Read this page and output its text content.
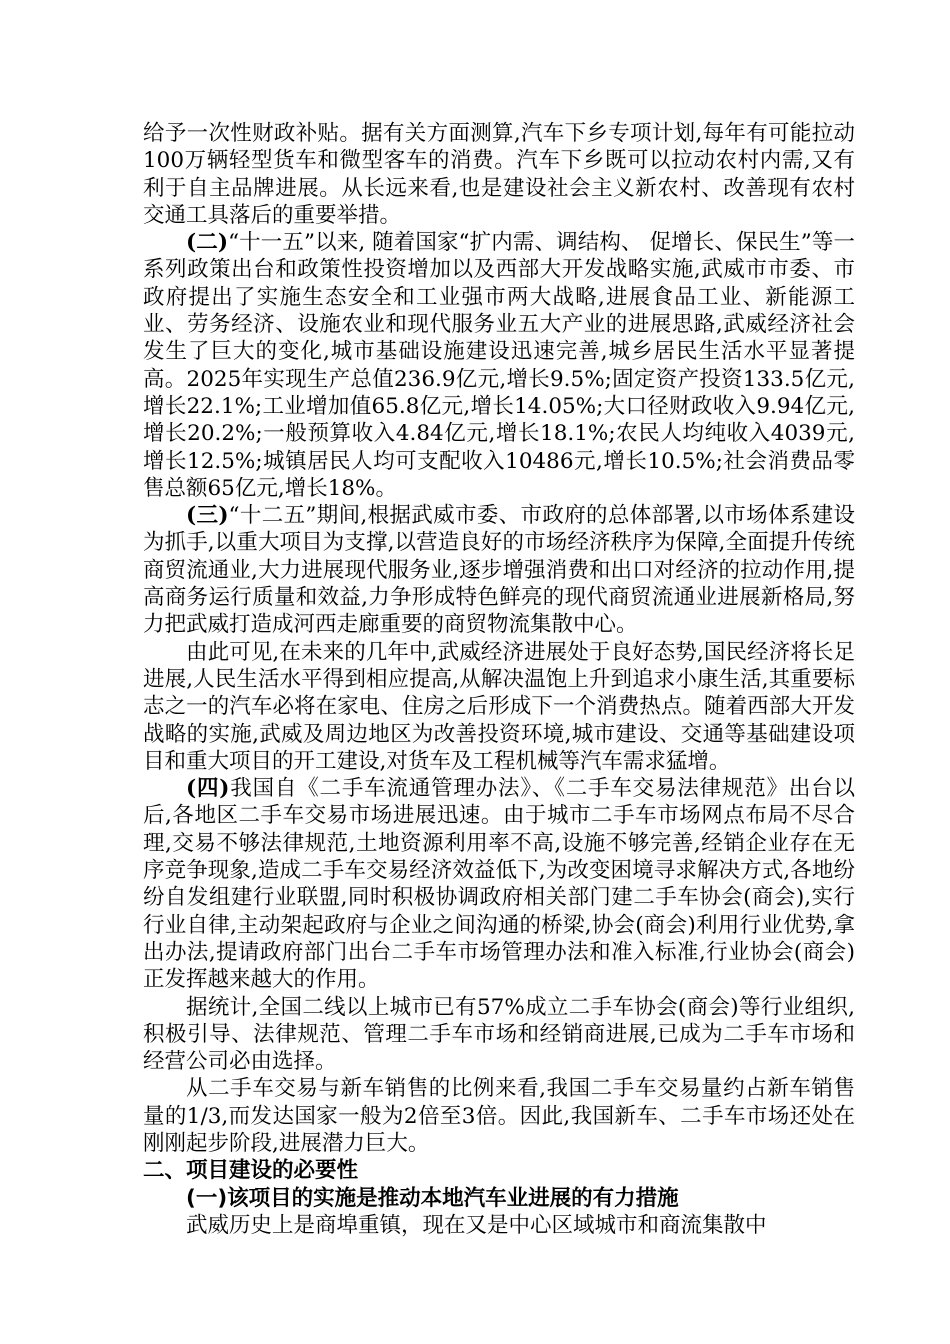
给予一次性财政补贴。据有关方面测算,汽车下乡专项计划,每年有可能拉动100万辆轻型货车和微型客车的消费。汽车下乡既可以拉动农村内需,又有利于自主品牌进展。从长远来看,也是建设社会主义新农村、改善现有农村交通工具落后的重要举措。

(二)“十一五”以来, 随着国家“扩内需、调结构、 促增长、保民生”等一系列政策出台和政策性投资增加以及西部大开发战略实施,武威市市委、市政府提出了实施生态安全和工业强市两大战略,进展食品工业、新能源工业、劳务经济、设施农业和现代服务业五大产业的进展思路,武威经济社会发生了巨大的变化,城市基础设施建设迅速完善,城乡居民生活水平显著提高。2025年实现生产总值236.9亿元,增长9.5%;固定资产投资133.5亿元,增长22.1%;工业增加值65.8亿元,增长14.05%;大口径财政收入9.94亿元,增长20.2%;一般预算收入4.84亿元,增长18.1%;农民人均纯收入4039元,增长12.5%;城镇居民人均可支配收入10486元,增长10.5%;社会消费品零售总额65亿元,增长18%。

(三)“十二五”期间,根据武威市委、市政府的总体部署,以市场体系建设为抓手,以重大项目为支撑,以营造良好的市场经济秩序为保障,全面提升传统商贸流通业,大力进展现代服务业,逐步增强消费和出口对经济的拉动作用,提高商务运行质量和效益,力争形成特色鲜亮的现代商贸流通业进展新格局,努力把武威打造成河西走廊重要的商贸物流集散中心。

由此可见,在未来的几年中,武威经济进展处于良好态势,国民经济将长足进展,人民生活水平得到相应提高,从解决温饱上升到追求小康生活,其重要标志之一的汽车必将在家电、住房之后形成下一个消费热点。随着西部大开发战略的实施,武威及周边地区为改善投资环境,城市建设、交通等基础建设项目和重大项目的开工建设,对货车及工程机械等汽车需求猛增。

(四)我国自《二手车流通管理办法》、《二手车交易法律规范》出台以后,各地区二手车交易市场进展迅速。由于城市二手车市场网点布局不尽合理,交易不够法律规范,土地资源利用率不高,设施不够完善,经销企业存在无序竞争现象,造成二手车交易经济效益低下,为改变困境寻求解决方式,各地纷纷自发组建行业联盟,同时积极协调政府相关部门建二手车协会(商会),实行行业自律,主动架起政府与企业之间沟通的桥梁,协会(商会)利用行业优势,拿出办法,提请政府部门出台二手车市场管理办法和准入标准,行业协会(商会)正发挥越来越大的作用。

据统计,全国二线以上城市已有57%成立二手车协会(商会)等行业组织,积极引导、法律规范、管理二手车市场和经销商进展,已成为二手车市场和经营公司必由选择。

从二手车交易与新车销售的比例来看,我国二手车交易量约占新车销售量的1/3,而发达国家一般为2倍至3倍。因此,我国新车、二手车市场还处在刚刚起步阶段,进展潜力巨大。

二、项目建设的必要性

(一)该项目的实施是推动本地汽车业进展的有力措施

武威历史上是商埠重镇，现在又是中心区域城市和商流集散中
